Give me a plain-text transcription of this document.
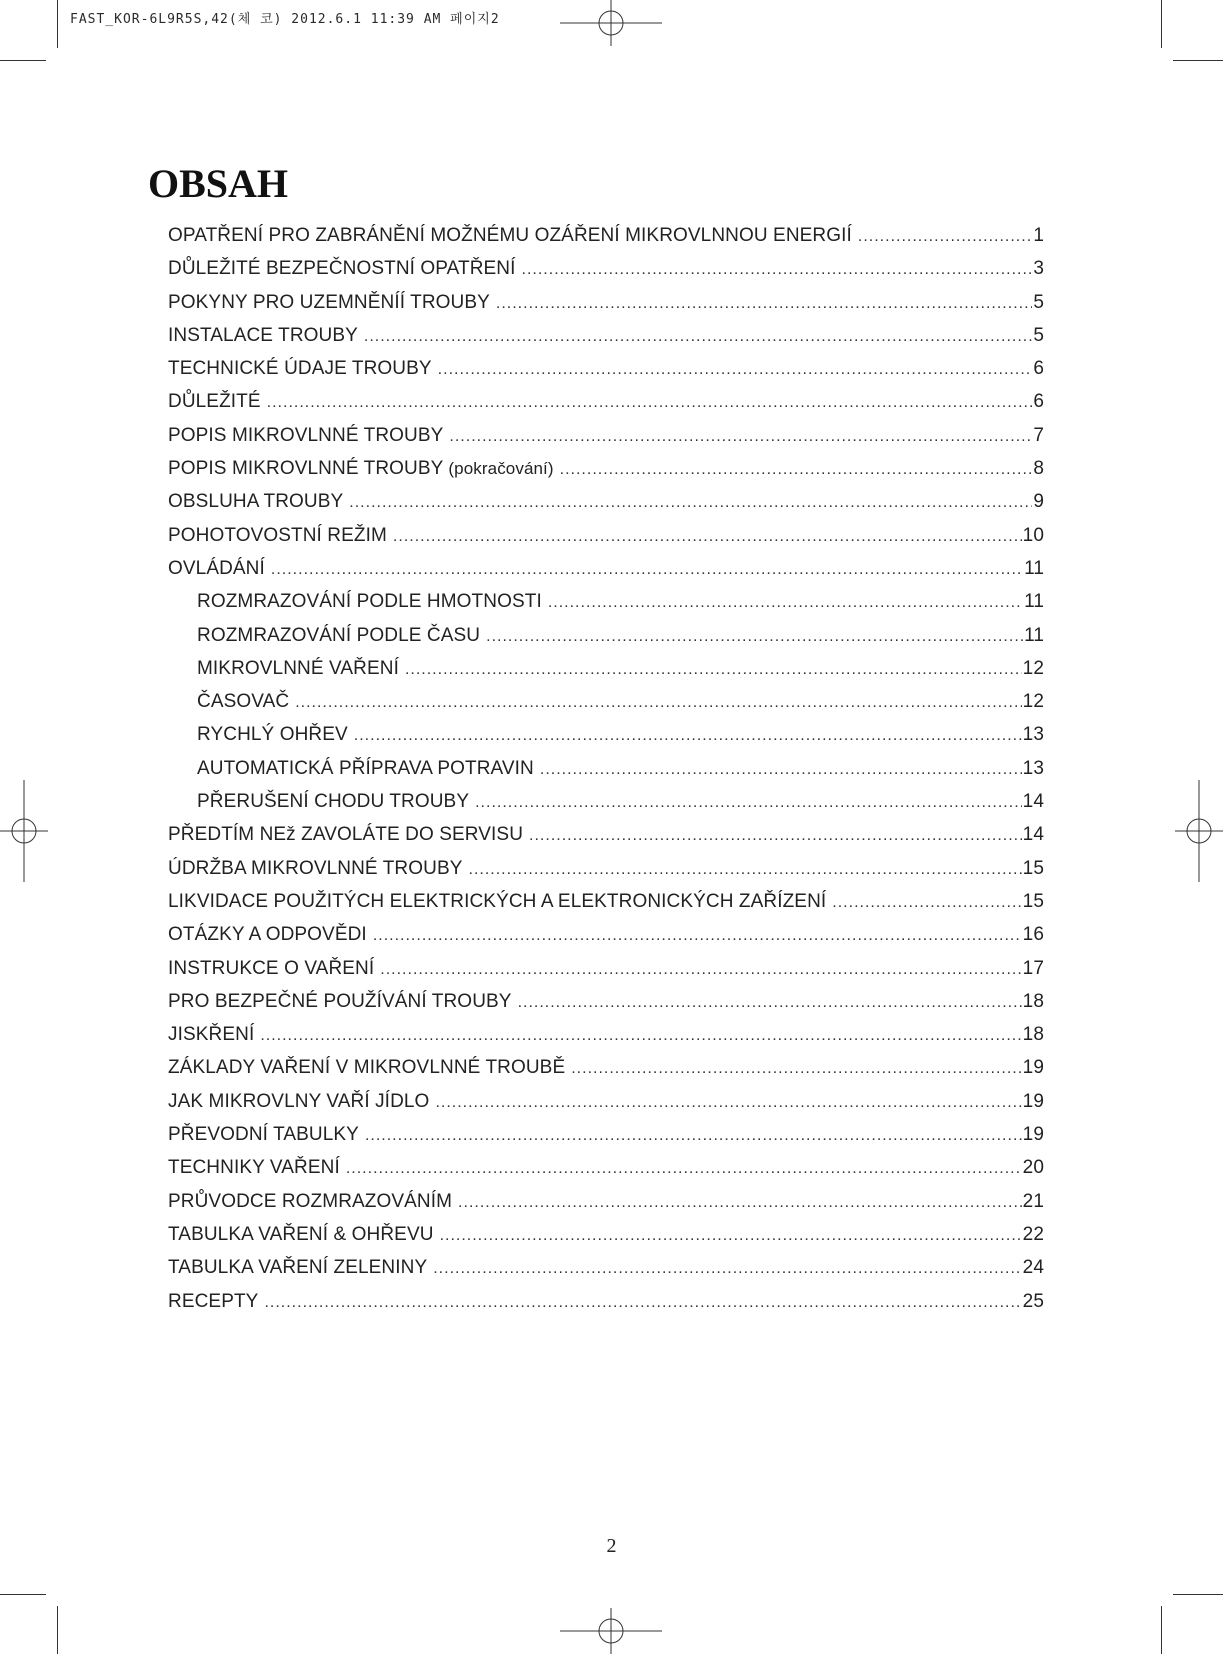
FAST_KOR-6L9R5S,42(체 코) 2012.6.1 11:39 AM 페이지2
OBSAH
OPATŘENÍ PRO ZABRÁNĚNÍ MOŽNÉMU OZÁŘENÍ MIKROVLNNOU ENERGIÍ .....	1
DŮLEŽITÉ BEZPEČNOSTNÍ OPATŘENÍ .....	3
POKYNY PRO UZEMNĚNÍÍ TROUBY .....	5
INSTALACE TROUBY .....	5
TECHNICKÉ ÚDAJE TROUBY .....	6
DŮLEŽITÉ .....	6
POPIS MIKROVLNNÉ TROUBY .....	7
POPIS MIKROVLNNÉ TROUBY (pokračování) .....	8
OBSLUHA TROUBY .....	9
POHOTOVOSTNÍ REŽIM .....	10
OVLÁDÁNÍ .....	11
ROZMRAZOVÁNÍ PODLE HMOTNOSTI .....	11
ROZMRAZOVÁNÍ PODLE ČASU .....	11
MIKROVLNNÉ VAŘENÍ .....	12
ČASOVAČ .....	12
RYCHLÝ OHŘEV .....	13
AUTOMATICKÁ PŘÍPRAVA POTRAVIN .....	13
PŘERUŠENÍ CHODU TROUBY .....	14
PŘEDTÍM NEž ZAVOLÁTE DO SERVISU .....	14
ÚDRŽBA MIKROVLNNÉ TROUBY .....	15
LIKVIDACE POUŽITÝCH ELEKTRICKÝCH A ELEKTRONICKÝCH ZAŘÍZENÍ .....	15
OTÁZKY A ODPOVĚDI .....	16
INSTRUKCE O VAŘENÍ .....	17
PRO BEZPEČNÉ POUŽÍVÁNÍ TROUBY .....	18
JISKŘENÍ .....	18
ZÁKLADY VAŘENÍ V MIKROVLNNÉ TROUBĚ .....	19
JAK MIKROVLNY VAŘÍ JÍDLO .....	19
PŘEVODNÍ TABULKY .....	19
TECHNIKY VAŘENÍ .....	20
PRŮVODCE ROZMRAZOVÁNÍM .....	21
TABULKA VAŘENÍ & OHŘEVU .....	22
TABULKA VAŘENÍ ZELENINY .....	24
RECEPTY .....	25
2
